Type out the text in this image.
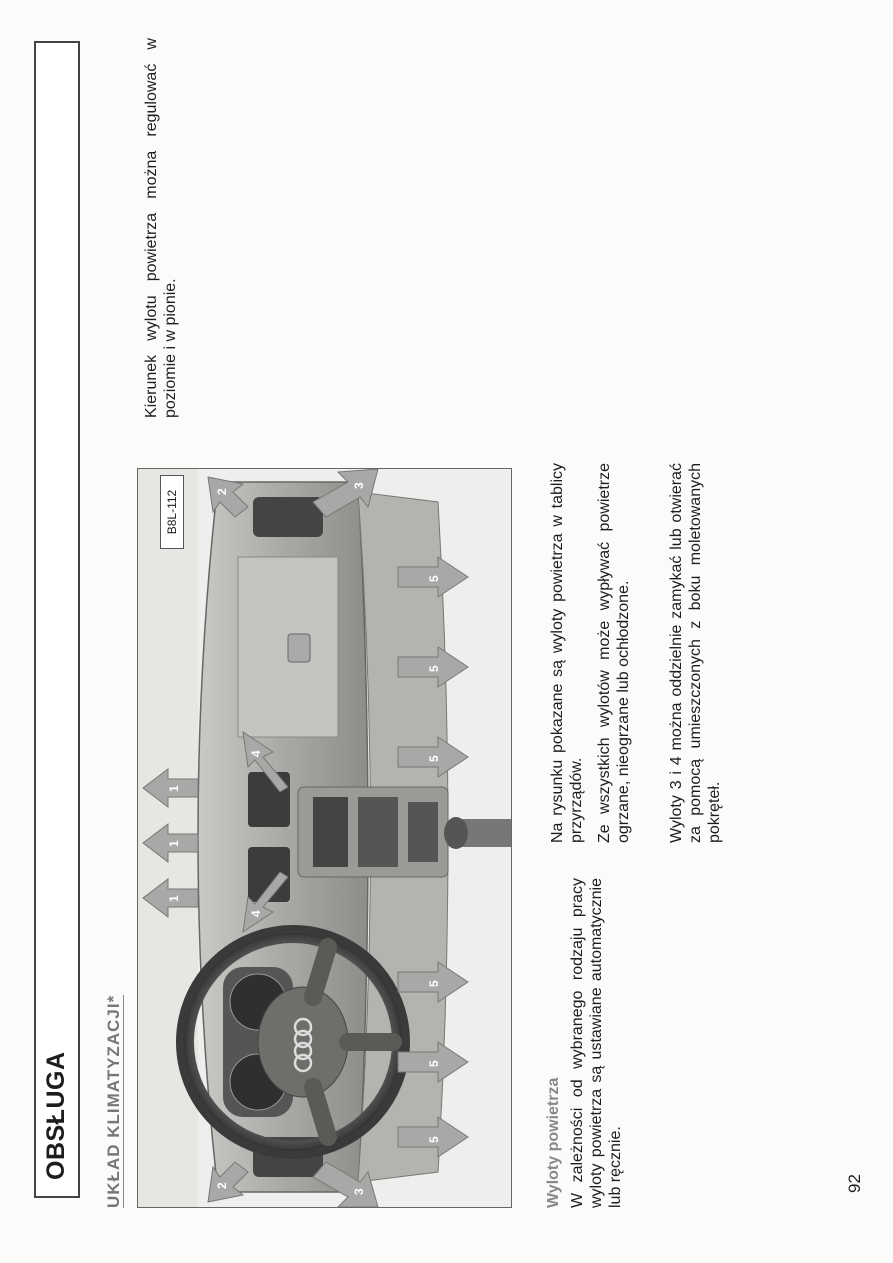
OBSŁUGA UKŁAD KLIMATYZACJI*	5
5
5
5
5
5
1
1
1
2
2
3
3
4
4
B8L-112
Wyloty powietrza W zależności od wybranego rodzaju pracy wyloty powietrza są ustawiane automatycznie lub ręcznie.
Na rysunku pokazane są wyloty powietrza w tablicy przyrządów. Ze wszystkich wylotów może wypływać powietrze ogrzane, nieogrzane lub ochłodzone. Wyloty 3 i 4 można oddzielnie zamykać lub otwierać za pomocą umieszczonych z boku moletowanych pokręteł.
Kierunek wylotu powietrza można regulować w poziomie i w pionie.
92
